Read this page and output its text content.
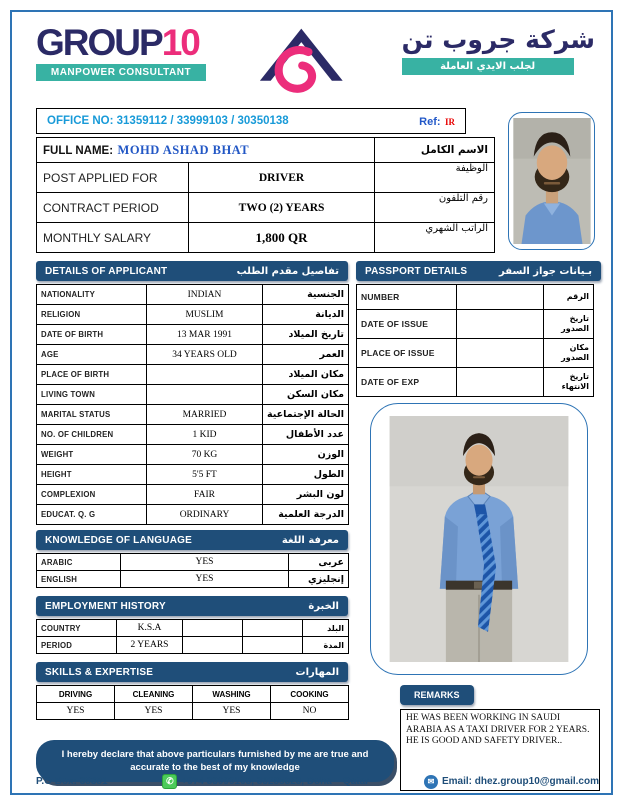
GROUP10
MANPOWER CONSULTANT
شركة جروب تن
لجلب الايدي العاملة
OFFICE NO: 31359112 / 33999103 / 30350138	Ref: IR
FULL NAME: MOHD ASHAD BHAT		الاسم الكامل
POST APPLIED FOR	DRIVER	الوظيفة
CONTRACT PERIOD	TWO (2) YEARS	رقم التلفون
MONTHLY SALARY	1,800 QR	الراتب الشهري
DETAILS OF APPLICANT	تفاصيل مقدم الطلب
NATIONALITY	INDIAN	الجنسية
RELIGION	MUSLIM	الديانة
DATE OF BIRTH	13 MAR 1991	تاريخ الميلاد
AGE	34 YEARS OLD	العمر
PLACE OF BIRTH		مكان الميلاد
LIVING TOWN		مكان السكن
MARITAL STATUS	MARRIED	الحالة الإجتماعية
NO. OF CHILDREN	1 KID	عدد الأطفال
WEIGHT	70 KG	الوزن
HEIGHT	5'5 FT	الطول
COMPLEXION	FAIR	لون البشر
EDUCAT. Q. G	ORDINARY	الدرجة العلمية
KNOWLEDGE OF LANGUAGE	معرفة اللغة
ARABIC	YES	عربى
ENGLISH	YES	إنجليزي
EMPLOYMENT HISTORY	الخبرة
COUNTRY	K.S.A			البلد
PERIOD	2 YEARS			المدة
SKILLS & EXPERTISE	المهارات
DRIVING	CLEANING	WASHING	COOKING
YES	YES	YES	NO
I hereby declare that above particulars furnished by me are true and accurate to the best of my knowledge
PASSPORT DETAILS	بـيانات جواز السفر
NUMBER		الرقم
DATE OF ISSUE		تاريخ الصدور
PLACE OF ISSUE		مكان الصدور
DATE OF EXP		تاريخ الانتهاء
REMARKS
HE WAS BEEN WORKING IN SAUDI ARABIA AS A TAXI DRIVER FOR 2 YEARS.
HE IS GOOD AND SAFETY DRIVER..
P.O Box: 38381	✆ +974 33999103, 33285323, Doha – Qatar	✉ Email: dhez.group10@gmail.com
